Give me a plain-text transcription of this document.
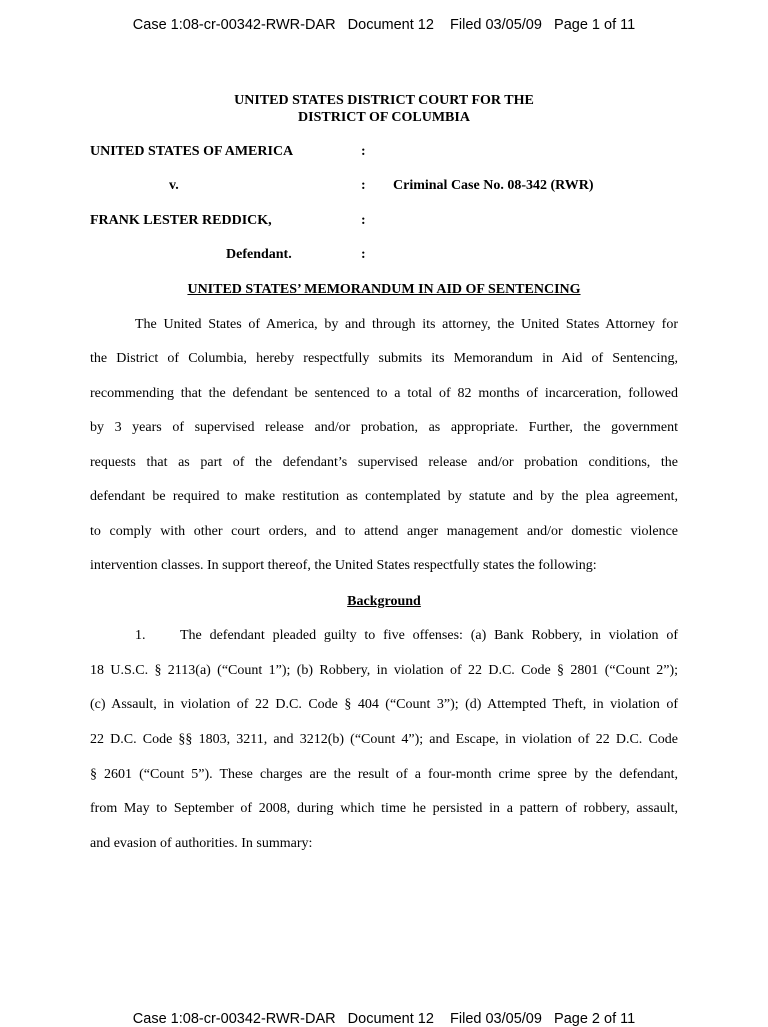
Case 1:08-cr-00342-RWR-DAR   Document 12    Filed 03/05/09   Page 1 of 11
UNITED STATES DISTRICT COURT FOR THE
DISTRICT OF COLUMBIA
UNITED STATES OF AMERICA	:
v.	: Criminal Case No. 08-342 (RWR)
FRANK LESTER REDDICK,	:
Defendant.	:
UNITED STATES’ MEMORANDUM IN AID OF SENTENCING
The United States of America, by and through its attorney, the United States Attorney for
the District of Columbia, hereby respectfully submits its Memorandum in Aid of Sentencing,
recommending that the defendant be sentenced to a total of 82 months of incarceration, followed
by 3 years of supervised release and/or probation, as appropriate. Further, the government
requests that as part of the defendant’s supervised release and/or probation conditions, the
defendant be required to make restitution as contemplated by statute and by the plea agreement,
to comply with other court orders, and to attend anger management and/or domestic violence
intervention classes. In support thereof, the United States respectfully states the following:
Background
1. The defendant pleaded guilty to five offenses: (a) Bank Robbery, in violation of
18 U.S.C. § 2113(a) (“Count 1”); (b) Robbery, in violation of 22 D.C. Code § 2801 (“Count 2”);
(c) Assault, in violation of 22 D.C. Code § 404 (“Count 3”); (d) Attempted Theft, in violation of
22 D.C. Code §§ 1803, 3211, and 3212(b) (“Count 4”); and Escape, in violation of 22 D.C. Code
§ 2601 (“Count 5”). These charges are the result of a four-month crime spree by the defendant,
from May to September of 2008, during which time he persisted in a pattern of robbery, assault,
and evasion of authorities. In summary:
Case 1:08-cr-00342-RWR-DAR   Document 12    Filed 03/05/09   Page 2 of 11
